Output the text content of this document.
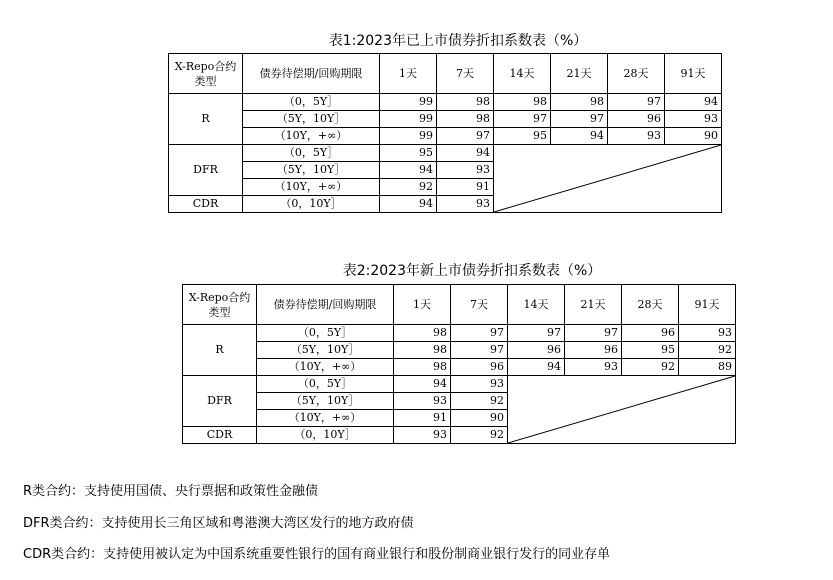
表1:2023年已上市债券折扣系数表（%）
X-Repo合约类型	债券待偿期/回购期限	1天	7天	14天	21天	28天	91天
R	（0，5Y］	99	98	98	98	97	94
	（5Y，10Y］	99	98	97	97	96	93
	（10Y，+∞）	99	97	95	94	93	90
DFR	（0，5Y］	95	94	

	（5Y，10Y］	94	93				
	（10Y，+∞）	92	91				
CDR	（0，10Y］	94	93				
表2:2023年新上市债券折扣系数表（%）
X-Repo合约类型	债券待偿期/回购期限	1天	7天	14天	21天	28天	91天
R	（0，5Y］	98	97	97	97	96	93
	（5Y，10Y］	98	97	96	96	95	92
	（10Y，+∞）	98	96	94	93	92	89
DFR	（0，5Y］	94	93	

	（5Y，10Y］	93	92				
	（10Y，+∞）	91	90				
CDR	（0，10Y］	93	92				
R类合约：支持使用国债、央行票据和政策性金融债
DFR类合约：支持使用长三角区域和粤港澳大湾区发行的地方政府债
CDR类合约：支持使用被认定为中国系统重要性银行的国有商业银行和股份制商业银行发行的同业存单
